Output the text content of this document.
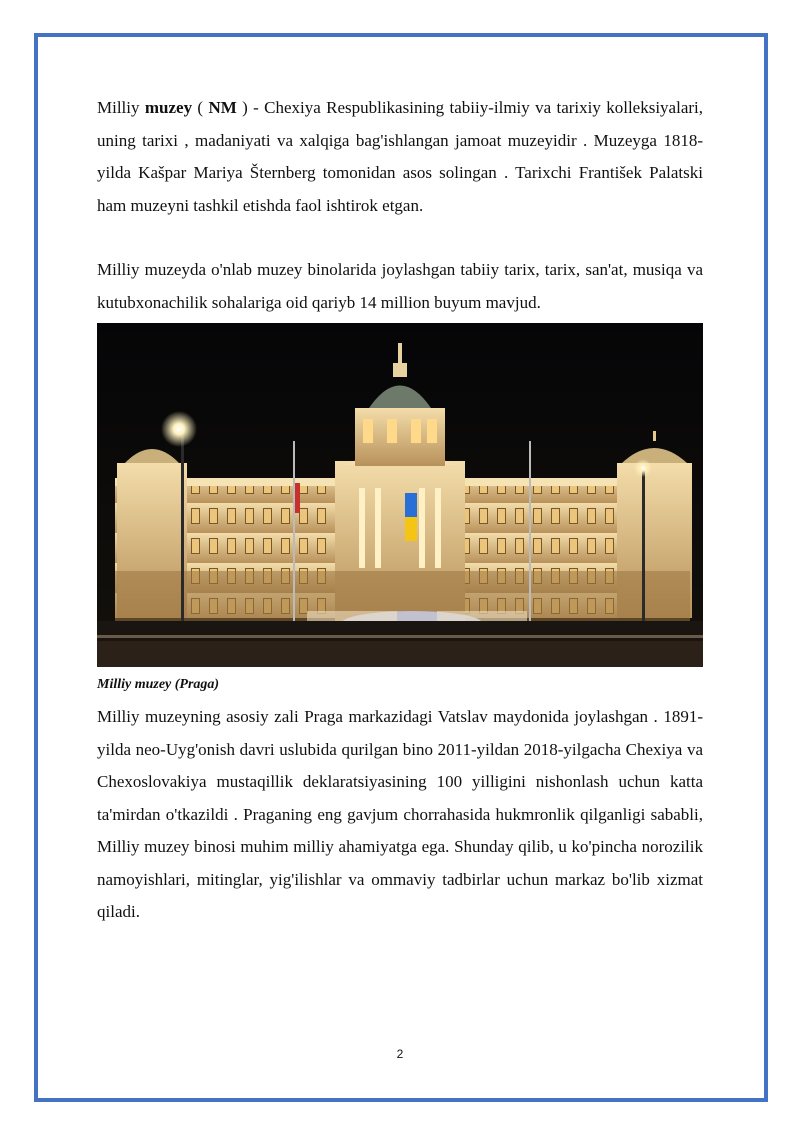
Milliy muzey ( NM ) - Chexiya Respublikasining tabiiy-ilmiy va tarixiy kolleksiyalari, uning tarixi , madaniyati va xalqiga bag'ishlangan jamoat muzeyidir . Muzeyga 1818-yilda Kašpar Mariya Šternberg tomonidan asos solingan . Tarixchi František Palatski ham muzeyni tashkil etishda faol ishtirok etgan.

Milliy muzeyda o'nlab muzey binolarida joylashgan tabiiy tarix, tarix, san'at, musiqa va kutubxonachilik sohalariga oid qariyb 14 million buyum mavjud.

Milliy muzey (Praga)

Milliy muzeyning asosiy zali Praga markazidagi Vatslav maydonida joylashgan . 1891-yilda neo-Uyg'onish davri uslubida qurilgan bino 2011-yildan 2018-yilgacha Chexiya va Chexoslovakiya mustaqillik deklaratsiyasining 100 yilligini nishonlash uchun katta ta'mirdan o'tkazildi . Praganing eng gavjum chorrahasida hukmronlik qilganligi sababli, Milliy muzey binosi muhim milliy ahamiyatga ega. Shunday qilib, u ko'pincha norozilik namoyishlari, mitinglar, yig'ilishlar va ommaviy tadbirlar uchun markaz bo'lib xizmat qiladi.

2
